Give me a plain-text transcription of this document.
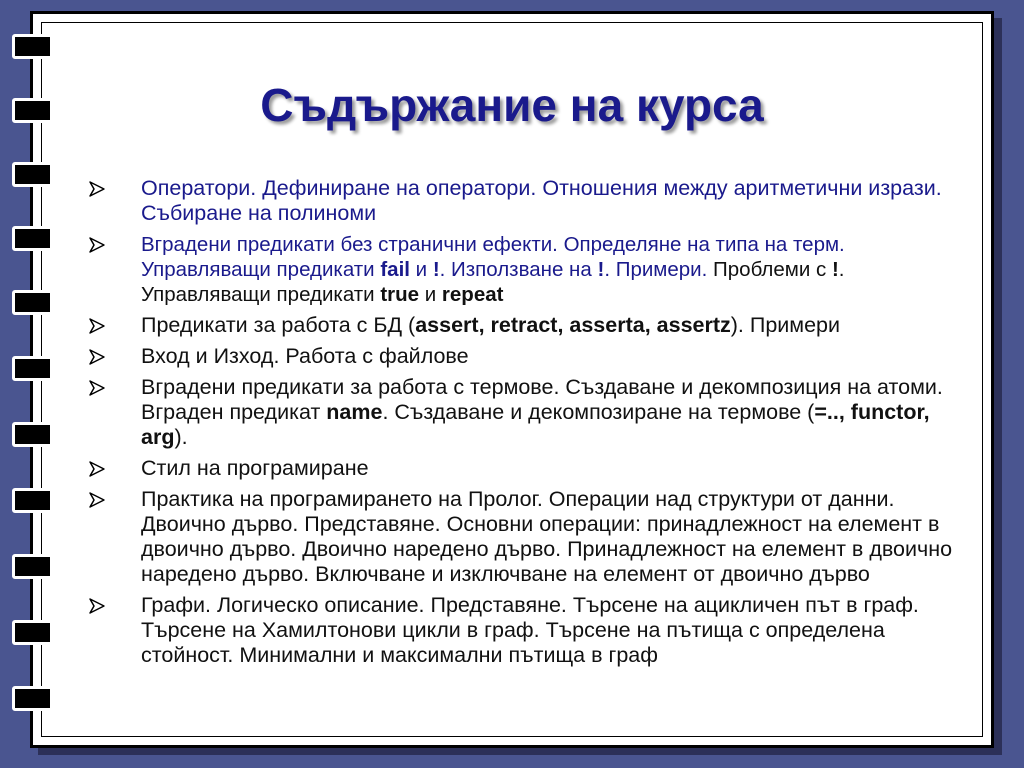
Съдържание на курса
Оператори. Дефиниране на оператори. Отношения между аритметични изрази. Събиране на полиноми
Вградени предикати без странични ефекти. Определяне на типа на терм. Управляващи предикати fail и !. Използване на !. Примери. Проблеми с !. Управляващи предикати true и repeat
Предикати за работа с БД (assert, retract, asserta, assertz). Примери
Вход и Изход. Работа с файлове
Вградени предикати за работа с термове. Създаване и декомпозиция на атоми. Вграден предикат name. Създаване и декомпозиране на термове (=.., functor, arg).
Стил на програмиране
Практика на програмирането на Пролог. Операции над структури от данни. Двоично дърво. Представяне. Основни операции: принадлежност на елемент в двоично дърво. Двоично наредено дърво. Принадлежност на елемент в двоично наредено дърво. Включване и изключване на елемент от двоично дърво
Графи. Логическо описание. Представяне. Търсене на ацикличен път в граф. Търсене на Хамилтонови цикли в граф. Търсене на пътища с определена стойност. Минимални и максимални пътища в граф
